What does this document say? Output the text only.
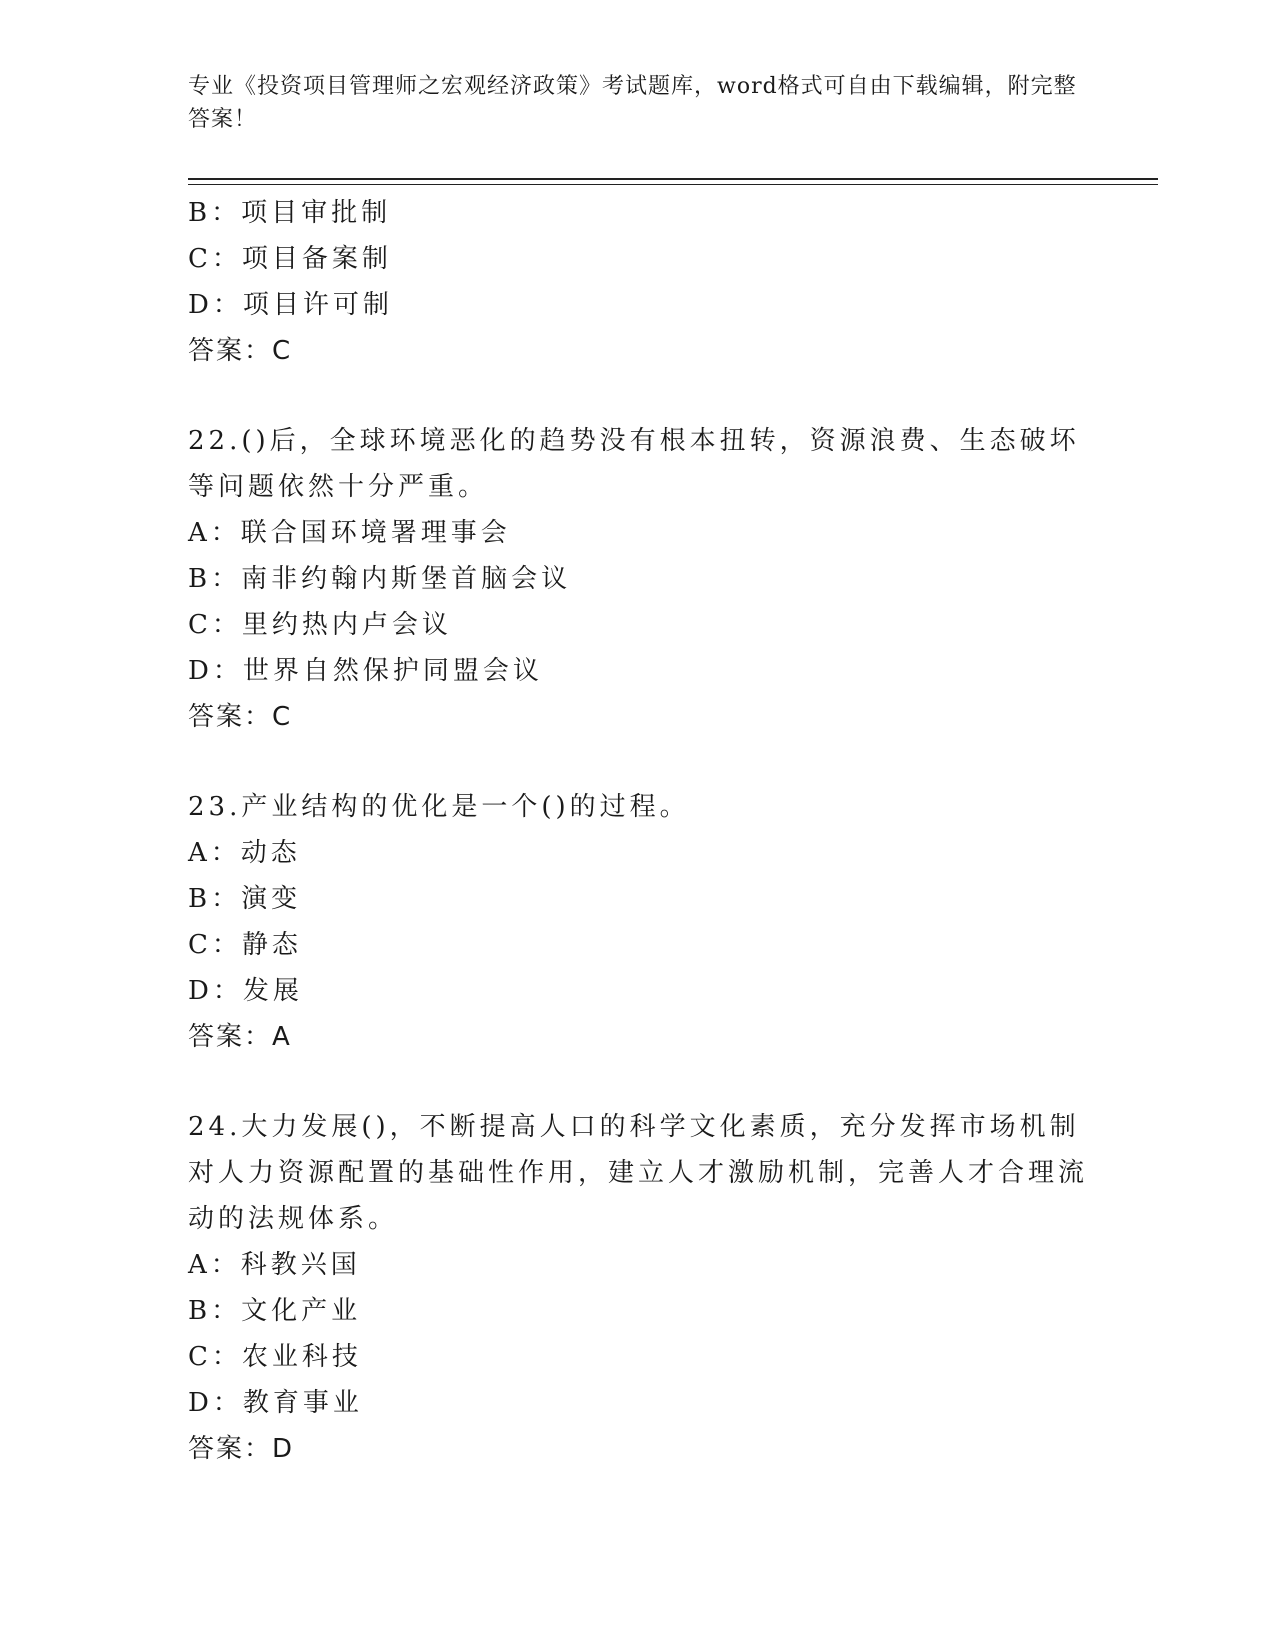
专业《投资项目管理师之宏观经济政策》考试题库，word格式可自由下载编辑，附完整答案！
B：项目审批制
C：项目备案制
D：项目许可制
答案：C
22.()后，全球环境恶化的趋势没有根本扭转，资源浪费、生态破坏等问题依然十分严重。
A：联合国环境署理事会
B：南非约翰内斯堡首脑会议
C：里约热内卢会议
D：世界自然保护同盟会议
答案：C
23.产业结构的优化是一个()的过程。
A：动态
B：演变
C：静态
D：发展
答案：A
24.大力发展()，不断提高人口的科学文化素质，充分发挥市场机制对人力资源配置的基础性作用，建立人才激励机制，完善人才合理流动的法规体系。
A：科教兴国
B：文化产业
C：农业科技
D：教育事业
答案：D
